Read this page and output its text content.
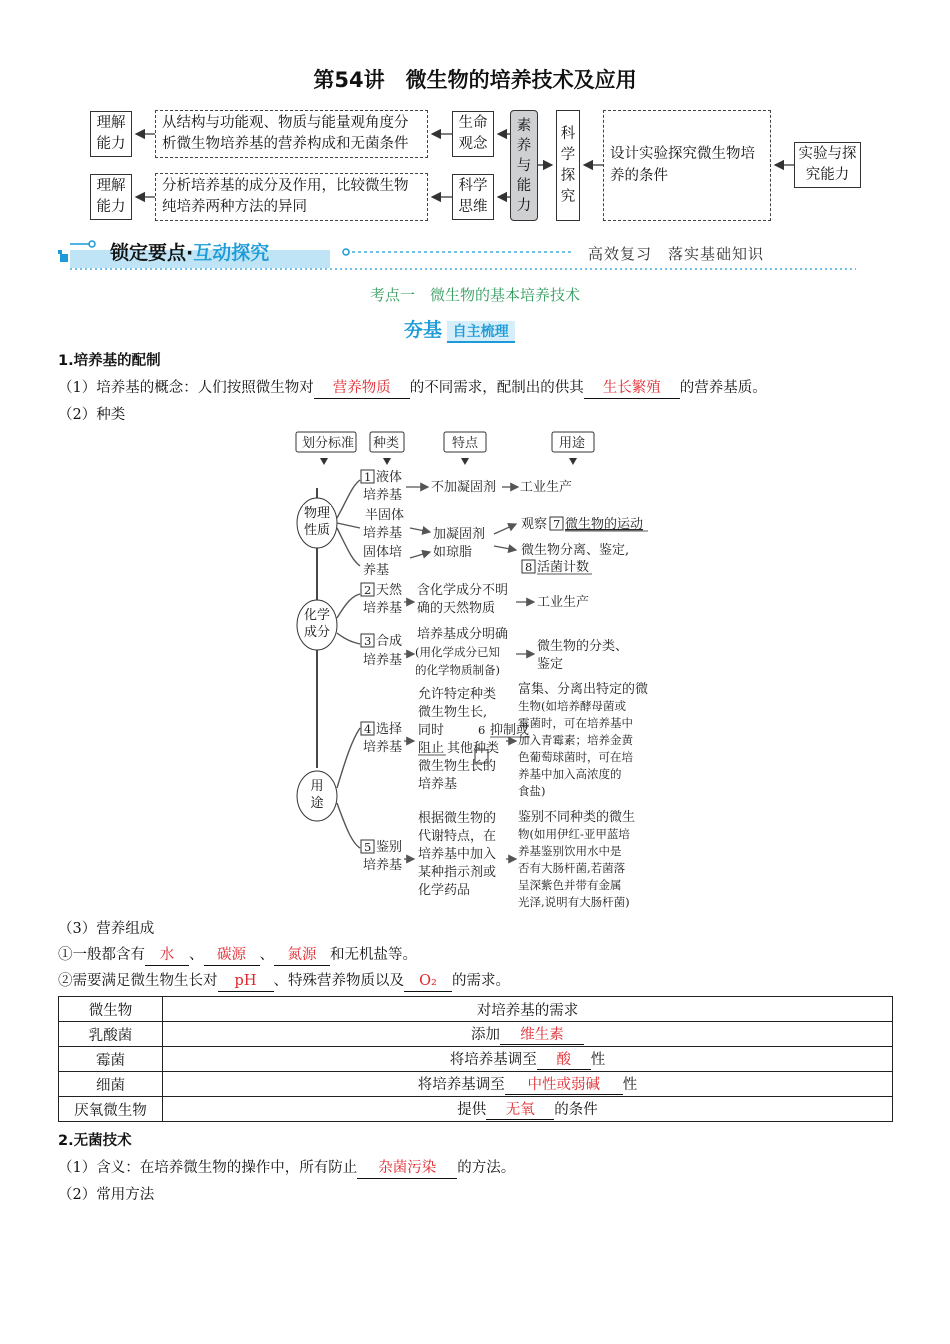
第54讲　微生物的培养技术及应用
理解
能力
从结构与功能观、物质与能量观角度分析微生物培养基的营养构成和无菌条件
生命
观念
理解
能力
分析培养基的成分及作用，比较微生物纯培养两种方法的异同
科学
思维
素
养
与
能
力
科
学
探
究
设计实验探究微生物培养的条件
实验与探
究能力
锁定要点·互动探究	高效复习　落实基础知识
考点一　微生物的基本培养技术
夯基 自主梳理
1.培养基的配制
（1）培养基的概念：人们按照微生物对 营养物质 的不同需求，配制出的供其 生长繁殖 的营养基质。
（2）种类
划分标准 种类	特点	用途
1 液体
培养基
半固体
培养基
固体培
养基
不加凝固剂 工业生产
加凝固剂
如琼脂
观察 7 微生物的运动
微生物分离、鉴定,
8 活菌计数
2 天然
培养基
含化学成分不明
确的天然物质	工业生产
3 合成
培养基
培养基成分明确
(用化学成分已知
的化学物质制备)
微生物的分类、
鉴定
4 选择
培养基
允许特定种类
微生物生长,
同时	6 抑制或
阻止 其他种类
微生物生长的
培养基
富集、分离出特定的微
生物(如培养酵母菌或
霉菌时，可在培养基中
加入青霉素；培养金黄
色葡萄球菌时，可在培
养基中加入高浓度的
食盐)
5 鉴别
培养基
根据微生物的
代谢特点，在
培养基中加入
某种指示剂或
化学药品
鉴别不同种类的微生
物(如用伊红-亚甲蓝培
养基鉴别饮用水中是
否有大肠杆菌,若菌落
呈深紫色并带有金属
光泽,说明有大肠杆菌)
物理
性质
化学
成分
用
途
（3）营养组成
①一般都含有 水 、 碳源 、 氮源 和无机盐等。
②需要满足微生物生长对 pH 、特殊营养物质以及 O₂ 的需求。
微生物	对培养基的需求
乳酸菌	添加 维生素
霉菌	将培养基调至 酸 性
细菌	将培养基调至 中性或弱碱 性
厌氧微生物	提供 无氧 的条件
2.无菌技术
（1）含义：在培养微生物的操作中，所有防止 杂菌污染 的方法。
（2）常用方法
